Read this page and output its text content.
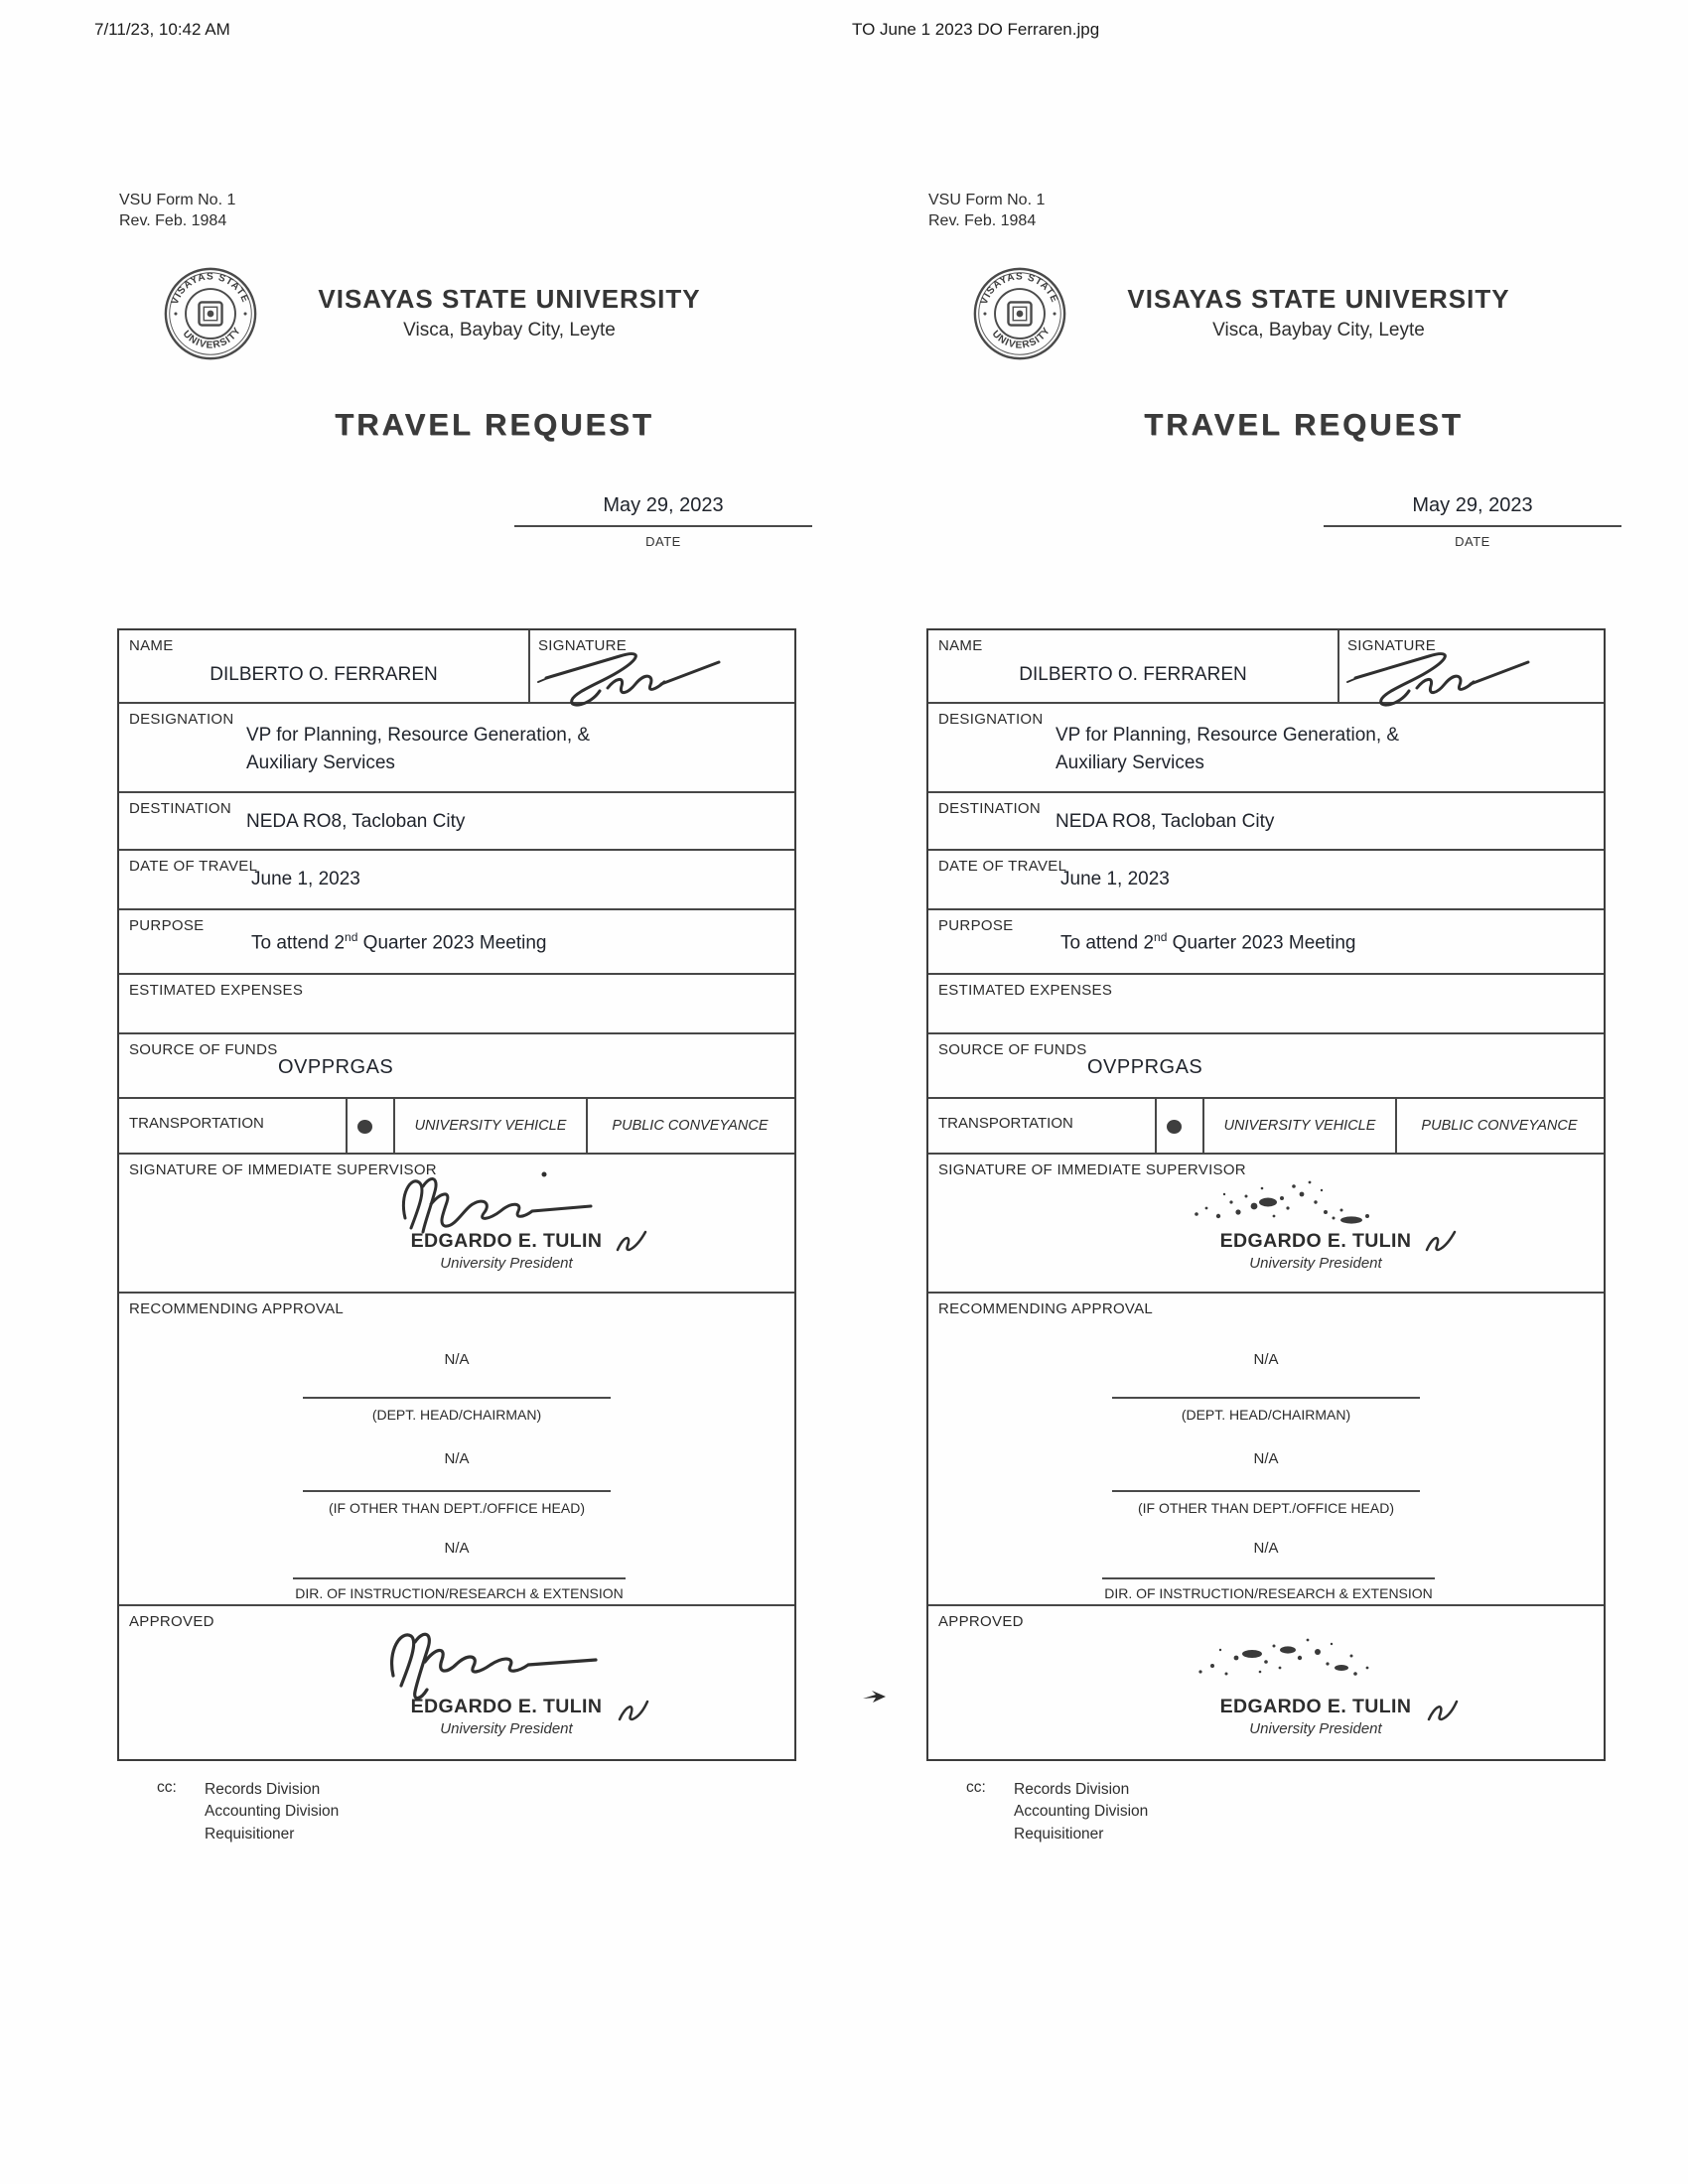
7/11/23, 10:42 AM	TO June 1 2023 DO Ferraren.jpg
VSU Form No. 1
Rev. Feb. 1984
VISAYAS STATE
UNIVERSITY
VISAYAS STATE UNIVERSITY
Visca, Baybay City, Leyte
TRAVEL REQUEST
May 29, 2023
DATE
NAME
DILBERTO O. FERRAREN
SIGNATURE
DESIGNATION
VP for Planning, Resource Generation, & Auxiliary Services
DESTINATION
NEDA RO8, Tacloban City
DATE OF TRAVEL
June 1, 2023
PURPOSE
To attend 2nd Quarter 2023 Meeting
ESTIMATED EXPENSES
SOURCE OF FUNDS
OVPPRGAS
TRANSPORTATION	UNIVERSITY VEHICLE	PUBLIC CONVEYANCE
SIGNATURE OF IMMEDIATE SUPERVISOR
EDGARDO E. TULIN
University President
RECOMMENDING APPROVAL
N/A
(DEPT. HEAD/CHAIRMAN)
N/A
(IF OTHER THAN DEPT./OFFICE HEAD)
N/A
DIR. OF INSTRUCTION/RESEARCH & EXTENSION
APPROVED
EDGARDO E. TULIN
University President
cc:	Records Division
Accounting Division
Requisitioner
VSU Form No. 1
Rev. Feb. 1984
VISAYAS STATE
UNIVERSITY
VISAYAS STATE UNIVERSITY
Visca, Baybay City, Leyte
TRAVEL REQUEST
May 29, 2023
DATE
NAME
DILBERTO O. FERRAREN
SIGNATURE
DESIGNATION
VP for Planning, Resource Generation, & Auxiliary Services
DESTINATION
NEDA RO8, Tacloban City
DATE OF TRAVEL
June 1, 2023
PURPOSE
To attend 2nd Quarter 2023 Meeting
ESTIMATED EXPENSES
SOURCE OF FUNDS
OVPPRGAS
TRANSPORTATION	UNIVERSITY VEHICLE	PUBLIC CONVEYANCE
SIGNATURE OF IMMEDIATE SUPERVISOR
EDGARDO E. TULIN
University President
RECOMMENDING APPROVAL
N/A
(DEPT. HEAD/CHAIRMAN)
N/A
(IF OTHER THAN DEPT./OFFICE HEAD)
N/A
DIR. OF INSTRUCTION/RESEARCH & EXTENSION
APPROVED
EDGARDO E. TULIN
University President
cc:	Records Division
Accounting Division
Requisitioner
